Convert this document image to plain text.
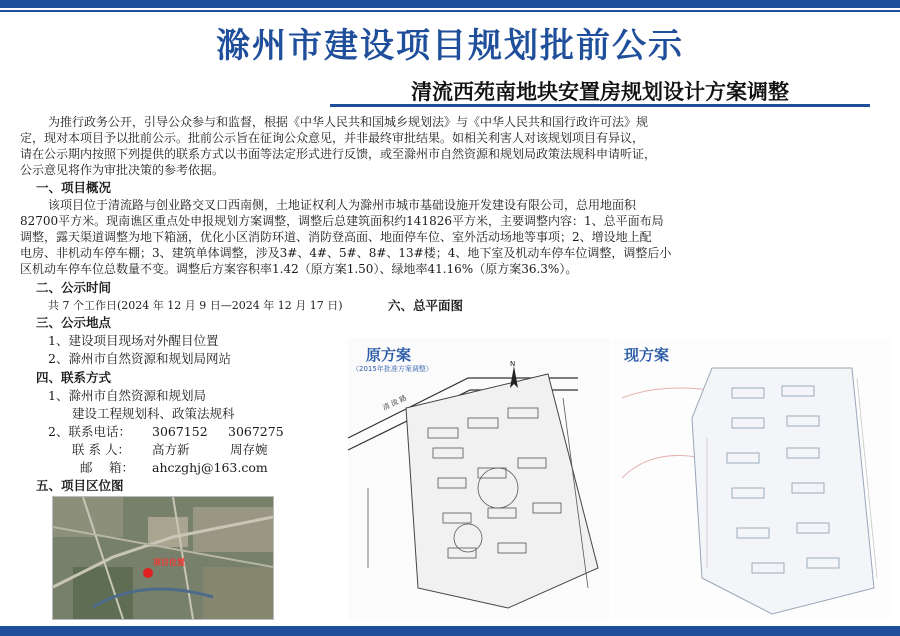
滁州市建设项目规划批前公示
清流西苑南地块安置房规划设计方案调整
为推行政务公开，引导公众参与和监督，根据《中华人民共和国城乡规划法》与《中华人民共和国行政许可法》规
定，现对本项目予以批前公示。批前公示旨在征询公众意见，并非最终审批结果。如相关利害人对该规划项目有异议，
请在公示期内按照下列提供的联系方式以书面等法定形式进行反馈，或至滁州市自然资源和规划局政策法规科申请听证，
公示意见将作为审批决策的参考依据。
一、项目概况
该项目位于清流路与创业路交叉口西南侧，土地证权利人为滁州市城市基础设施开发建设有限公司，总用地面积
82700平方米。现南谯区重点处申报规划方案调整，调整后总建筑面积约141826平方米，主要调整内容：1、总平面布局
调整，露天渠道调整为地下箱涵，优化小区消防环道、消防登高面、地面停车位、室外活动场地等事项；2、增设地上配
电房、非机动车停车棚；3、建筑单体调整，涉及3#、4#、5#、8#、13#楼；4、地下室及机动车停车位调整，调整后小
区机动车停车位总数量不变。调整后方案容积率1.42（原方案1.50）、绿地率41.16%（原方案36.3%）。
二、公示时间
共 7 个工作日(2024 年 12 月 9 日—2024 年 12 月 17 日)	六、总平面图
三、公示地点
1、建设项目现场对外醒目位置
2、滁州市自然资源和规划局网站
四、联系方式
1、滁州市自然资源和规划局
建设工程规划科、政策法规科
2、联系电话： 3067152 3067275
联 系 人： 高方新	周存婉
邮　 箱： ahczghj@163.com
五、项目区位图
项目位置
原方案
（2015年批准方案调整）
N
清 流 路
现方案
